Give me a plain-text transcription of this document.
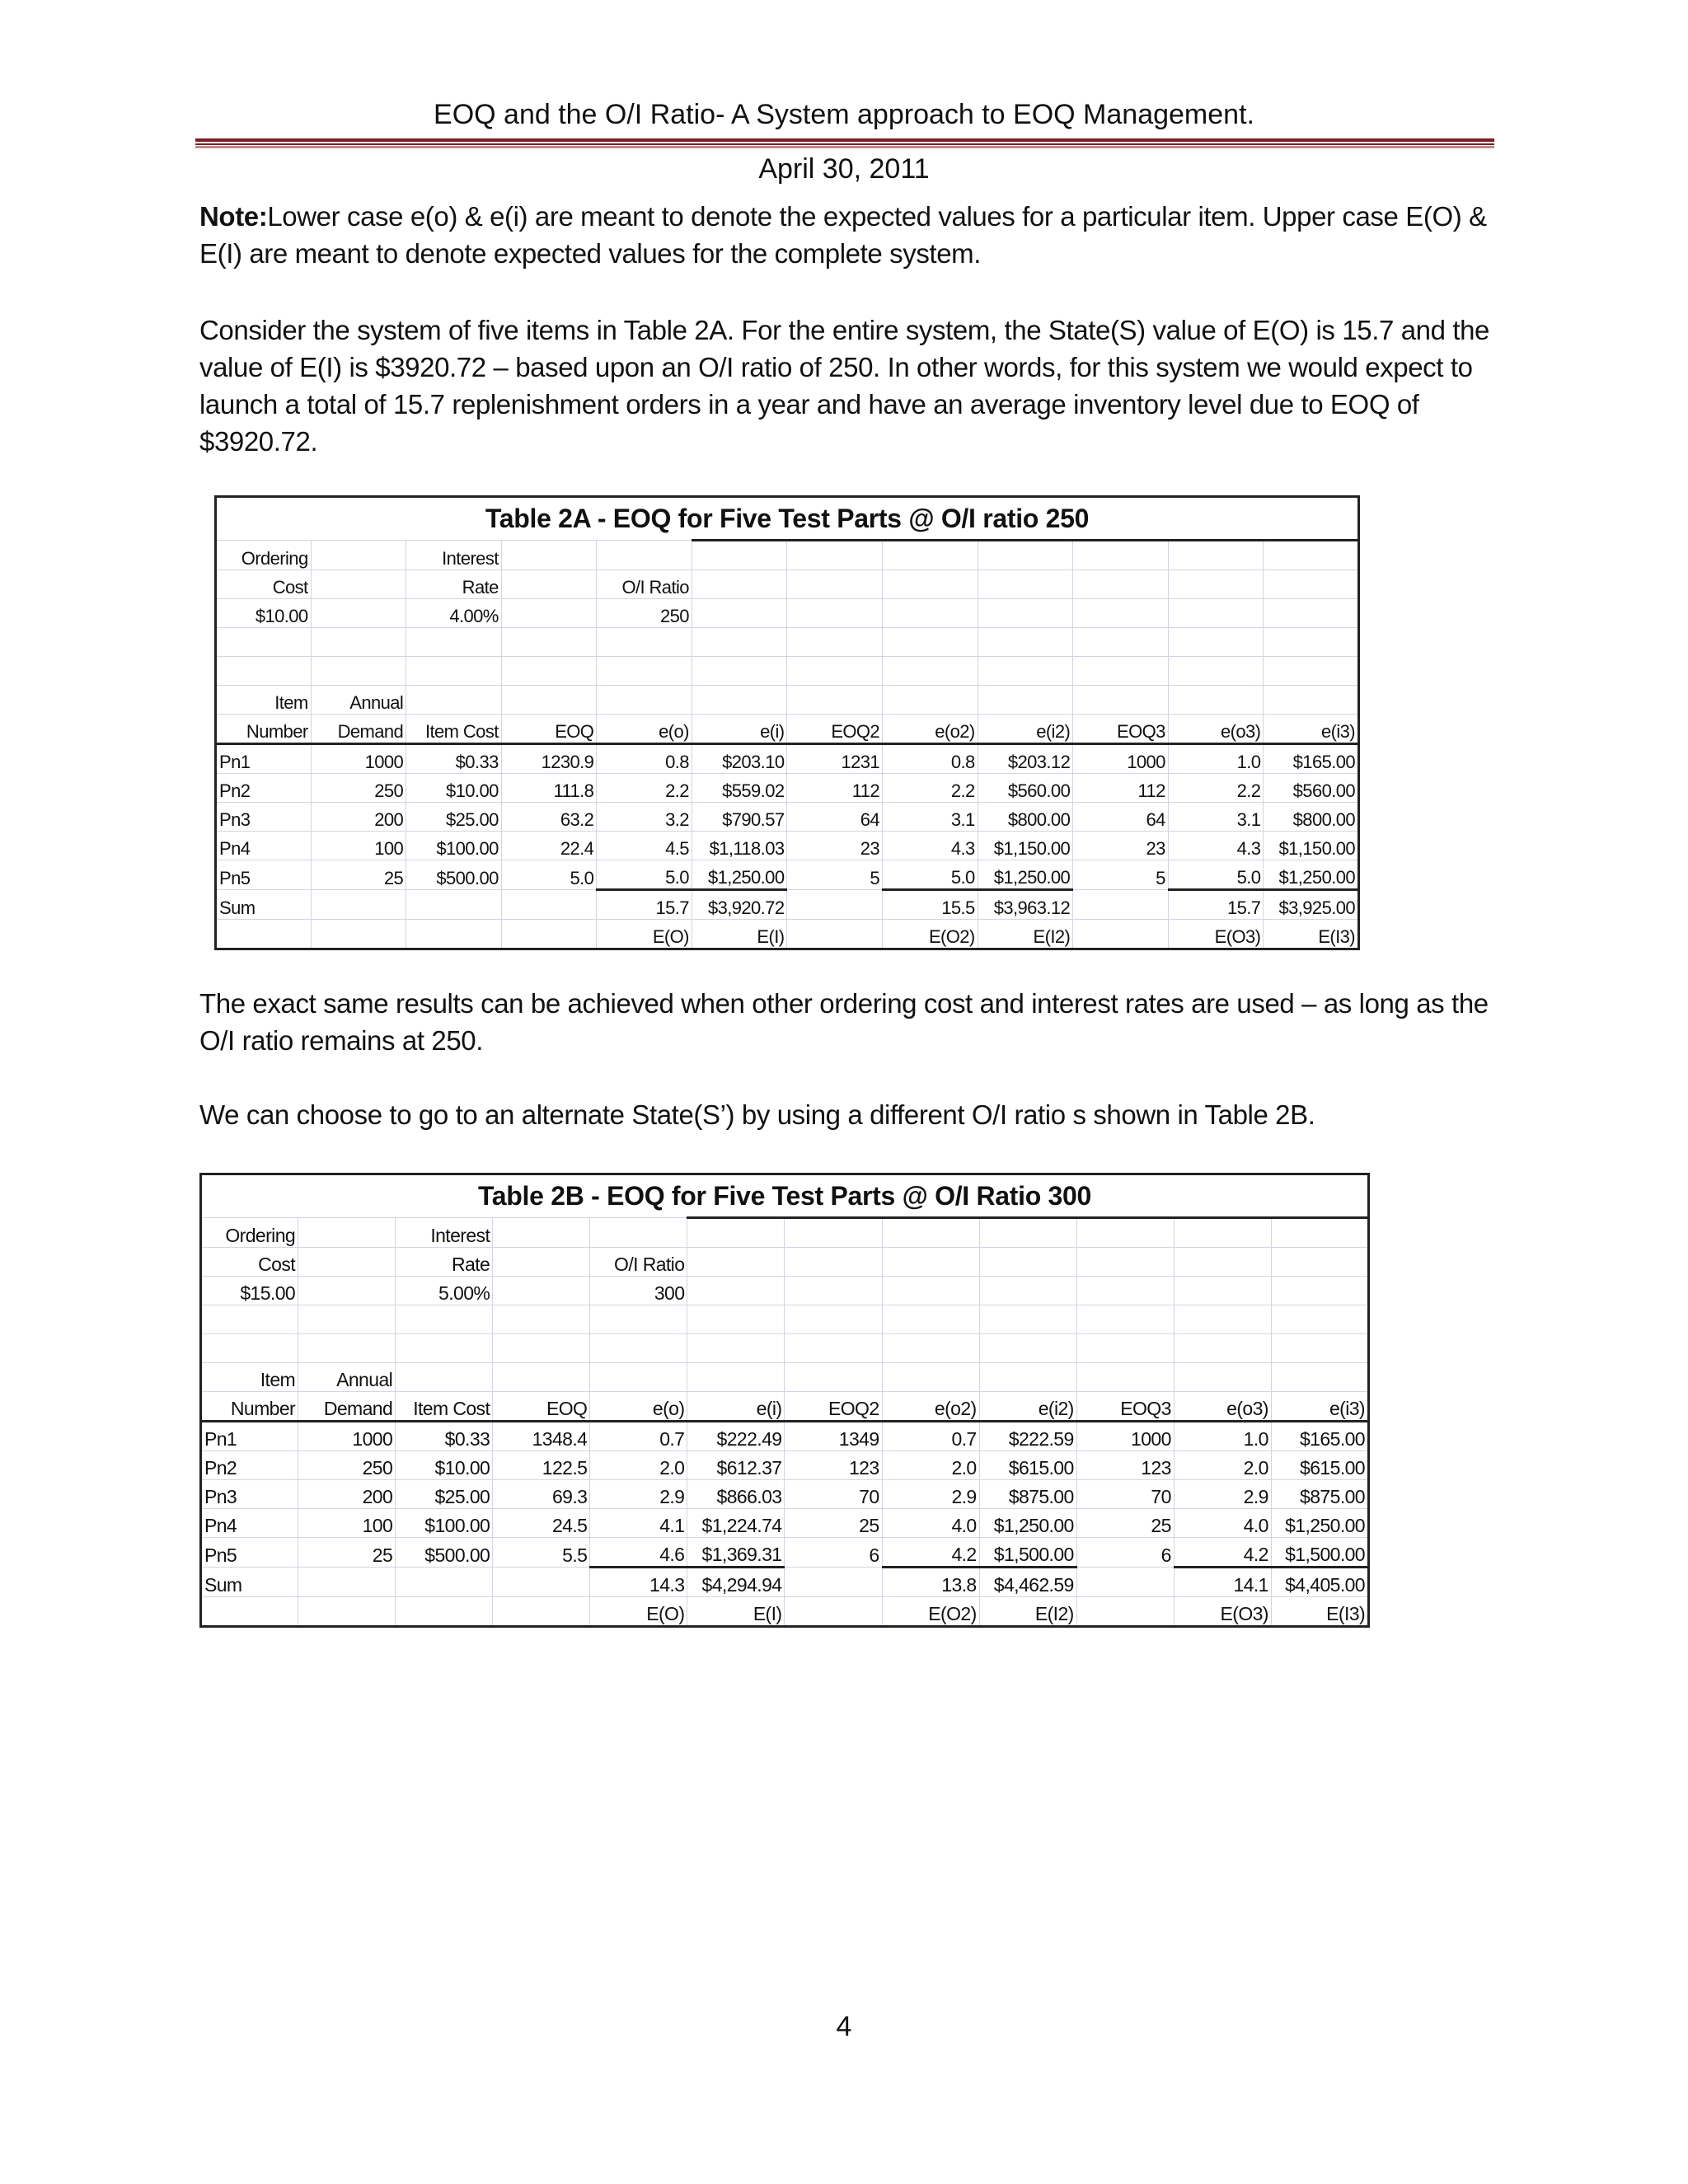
EOQ and the O/I Ratio- A System approach to EOQ Management.
April 30, 2011
Note:Lower case e(o) & e(i) are meant to denote the expected values for a particular item. Upper case E(O) & E(I) are meant to denote expected values for the complete system.
Consider the system of five items in Table 2A. For the entire system, the State(S) value of E(O) is 15.7 and the value of E(I) is $3920.72 – based upon an O/I ratio of 250. In other words, for this system we would expect to launch a total of 15.7 replenishment orders in a year and have an average inventory level due to EOQ of $3920.72.
Table 2A - EOQ for Five Test Parts @ O/I ratio 250											
Ordering		Interest									
Cost		Rate		O/I Ratio							
$10.00		4.00%		250							

Item	Annual										
Number	Demand	Item Cost	EOQ	e(o)	e(i)	EOQ2	e(o2)	e(i2)	EOQ3	e(o3)	e(i3)
Pn1	1000	$0.33	1230.9	0.8	$203.10	1231	0.8	$203.12	1000	1.0	$165.00
Pn2	250	$10.00	111.8	2.2	$559.02	112	2.2	$560.00	112	2.2	$560.00
Pn3	200	$25.00	63.2	3.2	$790.57	64	3.1	$800.00	64	3.1	$800.00
Pn4	100	$100.00	22.4	4.5	$1,118.03	23	4.3	$1,150.00	23	4.3	$1,150.00
Pn5	25	$500.00	5.0	5.0	$1,250.00	5	5.0	$1,250.00	5	5.0	$1,250.00
Sum				15.7	$3,920.72		15.5	$3,963.12		15.7	$3,925.00
				E(O)	E(I)		E(O2)	E(I2)		E(O3)	E(I3)
The exact same results can be achieved when other ordering cost and interest rates are used – as long as the O/I ratio remains at 250.
We can choose to go to an alternate State(S’) by using a different O/I ratio s shown in Table 2B.
Table 2B - EOQ for Five Test Parts @ O/I Ratio 300											
Ordering		Interest									
Cost		Rate		O/I Ratio							
$15.00		5.00%		300							

Item	Annual										
Number	Demand	Item Cost	EOQ	e(o)	e(i)	EOQ2	e(o2)	e(i2)	EOQ3	e(o3)	e(i3)
Pn1	1000	$0.33	1348.4	0.7	$222.49	1349	0.7	$222.59	1000	1.0	$165.00
Pn2	250	$10.00	122.5	2.0	$612.37	123	2.0	$615.00	123	2.0	$615.00
Pn3	200	$25.00	69.3	2.9	$866.03	70	2.9	$875.00	70	2.9	$875.00
Pn4	100	$100.00	24.5	4.1	$1,224.74	25	4.0	$1,250.00	25	4.0	$1,250.00
Pn5	25	$500.00	5.5	4.6	$1,369.31	6	4.2	$1,500.00	6	4.2	$1,500.00
Sum				14.3	$4,294.94		13.8	$4,462.59		14.1	$4,405.00
				E(O)	E(I)		E(O2)	E(I2)		E(O3)	E(I3)
4
